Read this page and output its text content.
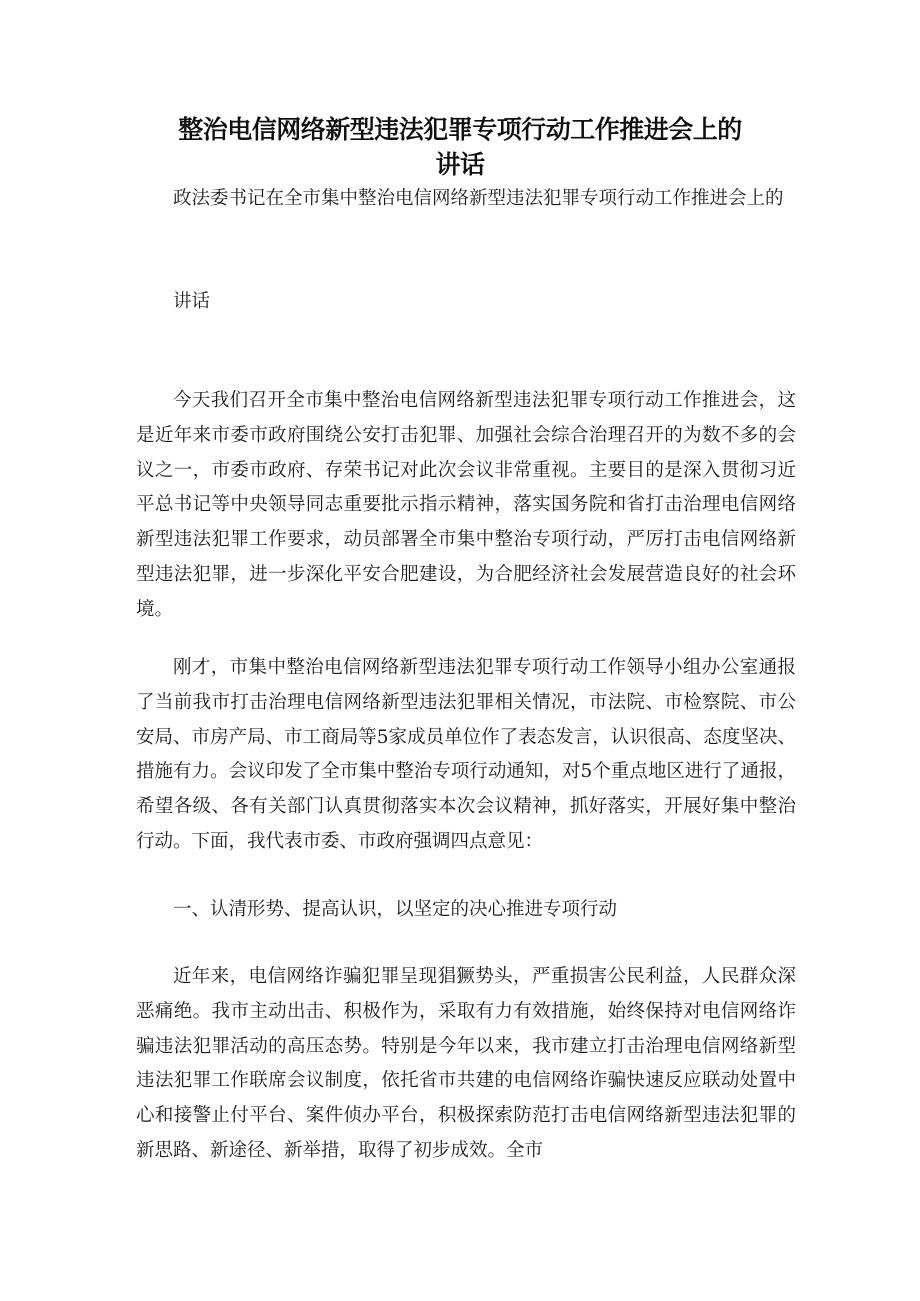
整治电信网络新型违法犯罪专项行动工作推进会上的
讲话

政法委书记在全市集中整治电信网络新型违法犯罪专项行动工作推进会上的

讲话

今天我们召开全市集中整治电信网络新型违法犯罪专项行动工作推进会，这是近年来市委市政府围绕公安打击犯罪、加强社会综合治理召开的为数不多的会议之一，市委市政府、存荣书记对此次会议非常重视。主要目的是深入贯彻习近平总书记等中央领导同志重要批示指示精神，落实国务院和省打击治理电信网络新型违法犯罪工作要求，动员部署全市集中整治专项行动，严厉打击电信网络新型违法犯罪，进一步深化平安合肥建设，为合肥经济社会发展营造良好的社会环境。

刚才，市集中整治电信网络新型违法犯罪专项行动工作领导小组办公室通报了当前我市打击治理电信网络新型违法犯罪相关情况，市法院、市检察院、市公安局、市房产局、市工商局等5家成员单位作了表态发言，认识很高、态度坚决、措施有力。会议印发了全市集中整治专项行动通知，对5个重点地区进行了通报，希望各级、各有关部门认真贯彻落实本次会议精神，抓好落实，开展好集中整治行动。下面，我代表市委、市政府强调四点意见：

一、认清形势、提高认识，以坚定的决心推进专项行动

近年来，电信网络诈骗犯罪呈现猖獗势头，严重损害公民利益，人民群众深恶痛绝。我市主动出击、积极作为，采取有力有效措施，始终保持对电信网络诈骗违法犯罪活动的高压态势。特别是今年以来，我市建立打击治理电信网络新型违法犯罪工作联席会议制度，依托省市共建的电信网络诈骗快速反应联动处置中心和接警止付平台、案件侦办平台，积极探索防范打击电信网络新型违法犯罪的新思路、新途径、新举措，取得了初步成效。全市
